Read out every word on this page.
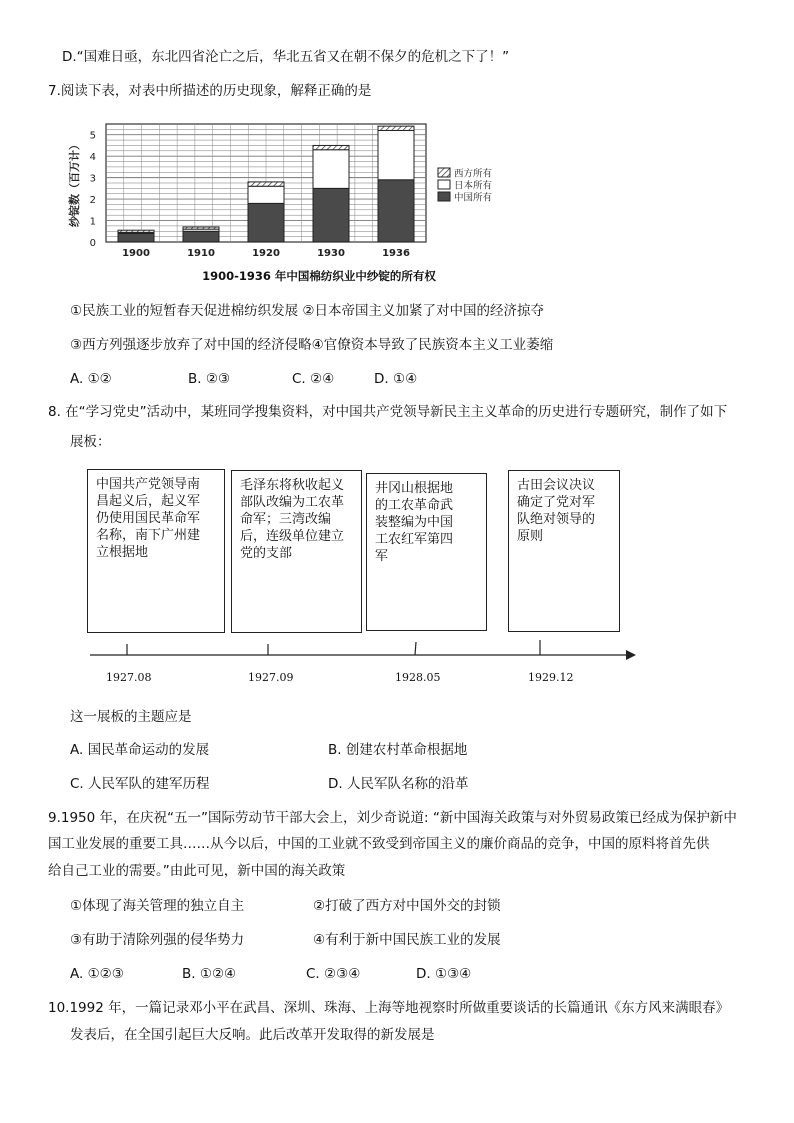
D.“国难日亟，东北四省沦亡之后，华北五省又在朝不保夕的危机之下了！”
7.阅读下表，对表中所描述的历史现象，解释正确的是
0
1
2
3
4
5
1900	1910	1920	1930	1936
西方所有
日本所有
中国所有
纱锭数（百万计）
1900-1936 年中国棉纺织业中纱锭的所有权
①民族工业的短暂春天促进棉纺织发展 ②日本帝国主义加紧了对中国的经济掠夺
③西方列强逐步放弃了对中国的经济侵略④官僚资本导致了民族资本主义工业萎缩
A. ①②	B. ②③	C. ②④	D. ①④
8. 在“学习党史”活动中，某班同学搜集资料，对中国共产党领导新民主主义革命的历史进行专题研究，制作了如下
展板：
中国共产党领导南
昌起义后，起义军
仍使用国民革命军
名称，南下广州建
立根据地
毛泽东将秋收起义
部队改编为工农革
命军；三湾改编
后，连级单位建立
党的支部
井冈山根据地
的工农革命武
装整编为中国
工农红军第四
军
古田会议决议
确定了党对军
队绝对领导的
原则
1927.08	1927.09	1928.05	1929.12
这一展板的主题应是
A. 国民革命运动的发展	B. 创建农村革命根据地
C. 人民军队的建军历程	D. 人民军队名称的沿革
9.1950 年，在庆祝“五一”国际劳动节干部大会上，刘少奇说道: “新中国海关政策与对外贸易政策已经成为保护新中
国工业发展的重要工具……从今以后，中国的工业就不致受到帝国主义的廉价商品的竞争，中国的原料将首先供
给自己工业的需要。”由此可见，新中国的海关政策
①体现了海关管理的独立自主	②打破了西方对中国外交的封锁
③有助于清除列强的侵华势力	④有利于新中国民族工业的发展
A. ①②③	B. ①②④	C. ②③④	D. ①③④
10.1992 年，一篇记录邓小平在武昌、深圳、珠海、上海等地视察时所做重要谈话的长篇通讯《东方风来满眼春》
发表后，在全国引起巨大反响。此后改革开发取得的新发展是
